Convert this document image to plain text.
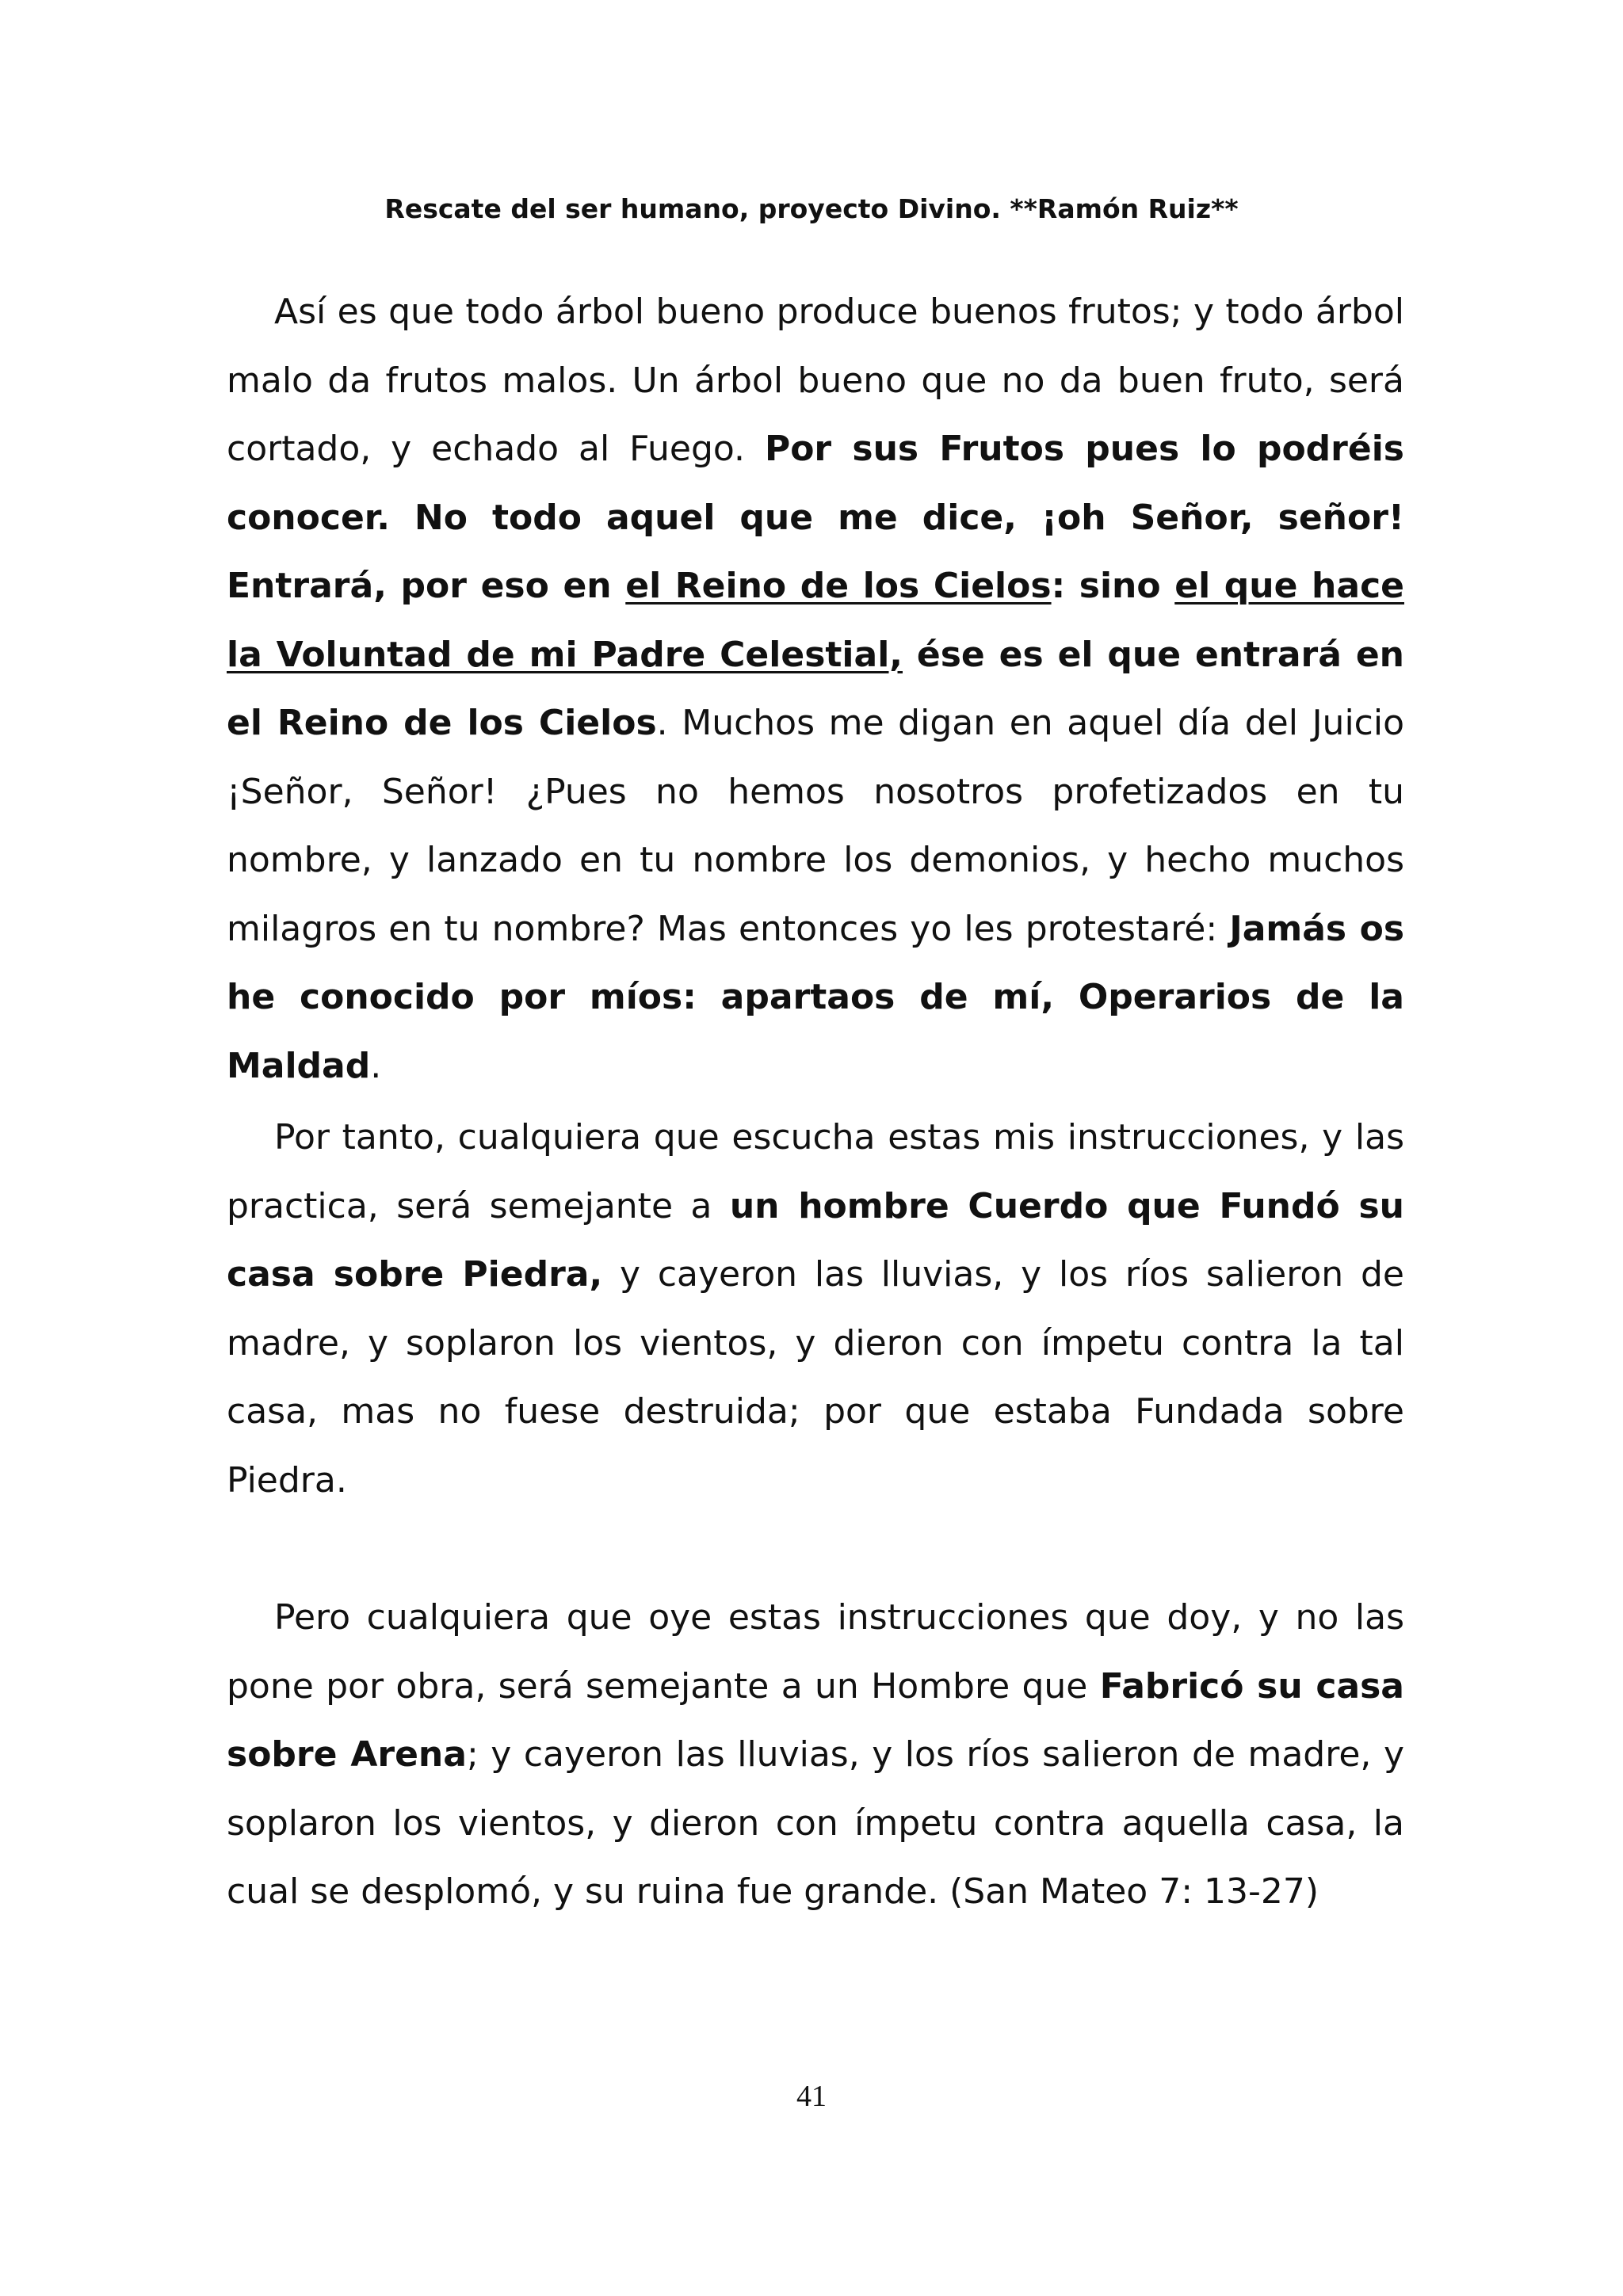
Rescate del ser humano, proyecto Divino. **Ramón Ruiz**

Así es que todo árbol bueno produce buenos frutos; y todo árbol malo da frutos malos. Un árbol bueno que no da buen fruto, será cortado, y echado al Fuego. Por sus Frutos pues lo podréis conocer. No todo aquel que me dice, ¡oh Señor, señor! Entrará, por eso en el Reino de los Cielos: sino el que hace la Voluntad de mi Padre Celestial, ése es el que entrará en el Reino de los Cielos. Muchos me digan en aquel día del Juicio ¡Señor, Señor! ¿Pues no hemos nosotros profetizados en tu nombre, y lanzado en tu nombre los demonios, y hecho muchos milagros en tu nombre? Mas entonces yo les protestaré: Jamás os he conocido por míos: apartaos de mí, Operarios de la Maldad.

Por tanto, cualquiera que escucha estas mis instrucciones, y las practica, será semejante a un hombre Cuerdo que Fundó su casa sobre Piedra, y cayeron las lluvias, y los ríos salieron de madre, y soplaron los vientos, y dieron con ímpetu contra la tal casa, mas no fuese destruida; por que estaba Fundada sobre Piedra.

Pero cualquiera que oye estas instrucciones que doy, y no las pone por obra, será semejante a un Hombre que Fabricó su casa sobre Arena; y cayeron las lluvias, y los ríos salieron de madre, y soplaron los vientos, y dieron con ímpetu contra aquella casa, la cual se desplomó, y su ruina fue grande. (San Mateo 7: 13-27)

41
